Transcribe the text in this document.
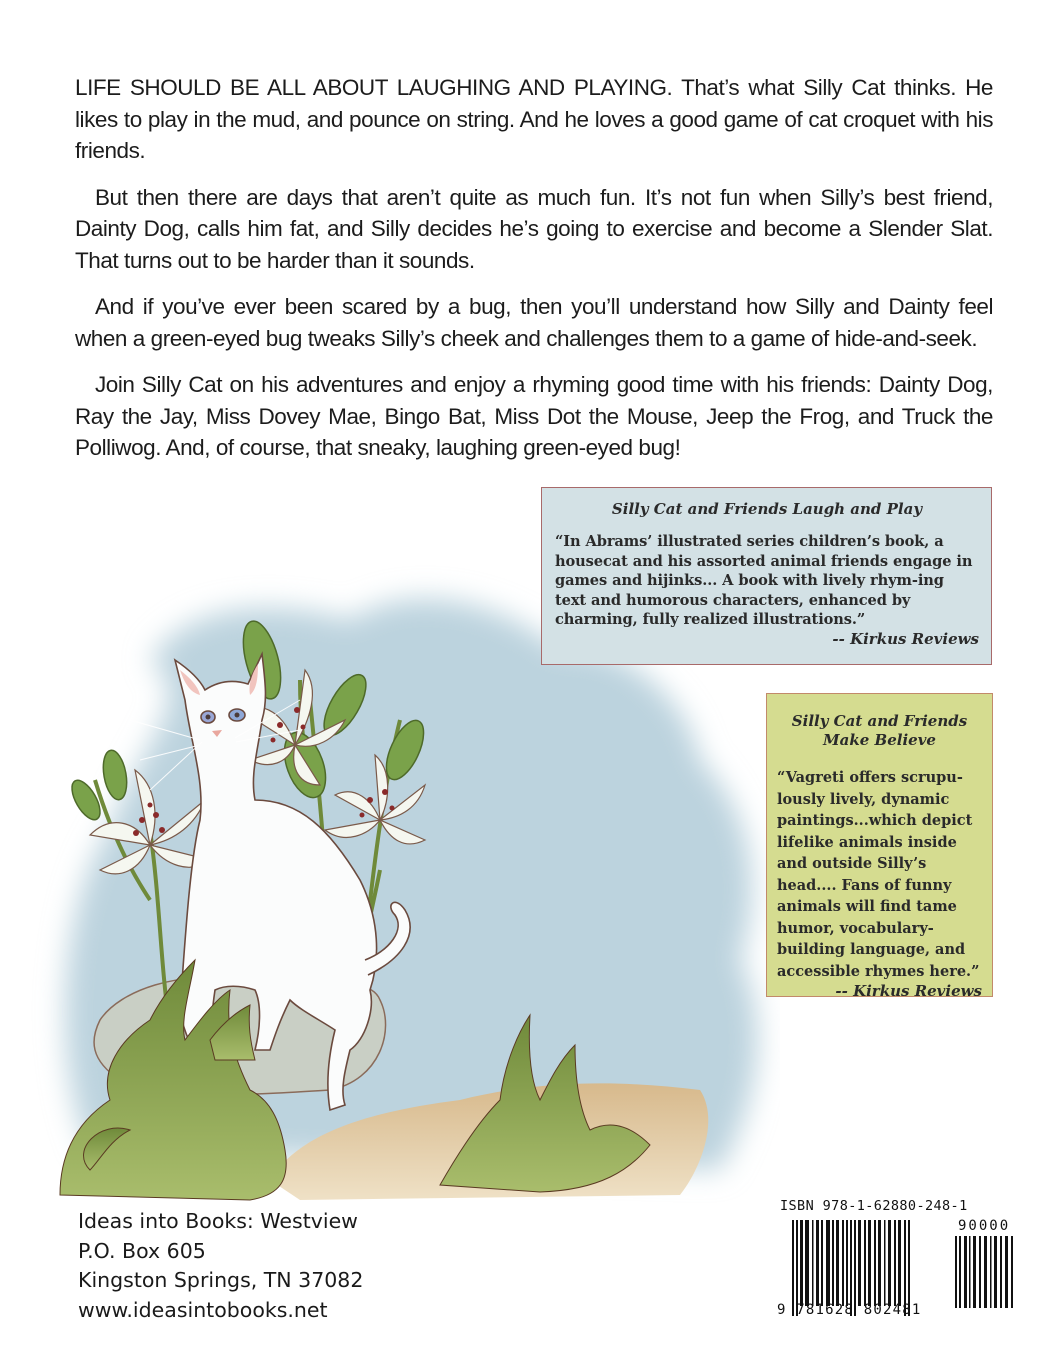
LIFE SHOULD BE ALL ABOUT LAUGHING AND PLAYING. That’s what Silly Cat thinks. He likes to play in the mud, and pounce on string. And he loves a good game of cat croquet with his friends.

But then there are days that aren’t quite as much fun. It’s not fun when Silly’s best friend, Dainty Dog, calls him fat, and Silly decides he’s going to exercise and become a Slender Slat. That turns out to be harder than it sounds.

And if you’ve ever been scared by a bug, then you’ll understand how Silly and Dainty feel when a green-eyed bug tweaks Silly’s cheek and challenges them to a game of hide-and-seek.

Join Silly Cat on his adventures and enjoy a rhyming good time with his friends: Dainty Dog, Ray the Jay, Miss Dovey Mae, Bingo Bat, Miss Dot the Mouse, Jeep the Frog, and Truck the Polliwog. And, of course, that sneaky, laughing green-eyed bug!

Silly Cat and Friends Laugh and Play
“In Abrams’ illustrated series children’s book, a housecat and his assorted animal friends engage in games and hijinks... A book with lively rhym-ing text and humorous characters, enhanced by charming, fully realized illustrations.”
-- Kirkus Reviews
Silly Cat and Friends
Make Believe
“Vagreti offers scrupu-lously lively, dynamic paintings...which depict lifelike animals inside and outside Silly’s head.... Fans of funny animals will find tame humor, vocabulary-building language, and accessible rhymes here.”
-- Kirkus Reviews
Ideas into Books: Westview
P.O. Box 605
Kingston Springs, TN 37082
www.ideasintobooks.net
ISBN 978-1-62880-248-1
90000
9 781628 802481
